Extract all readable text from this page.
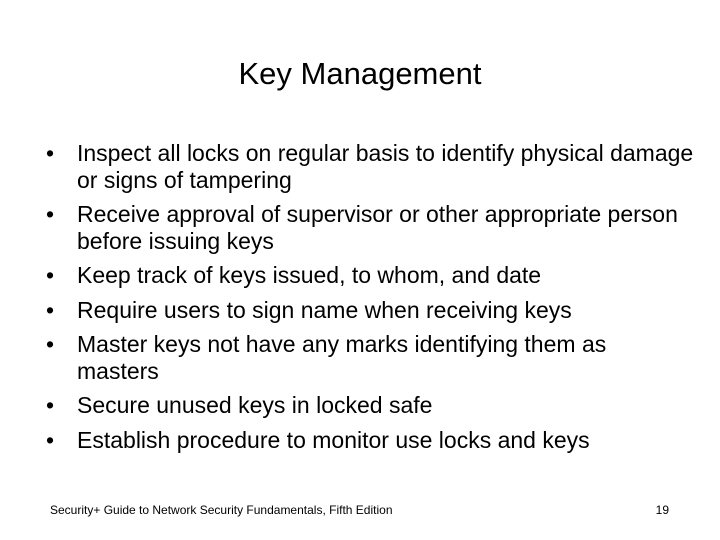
Key Management
• Inspect all locks on regular basis to identify physical damage or signs of tampering
• Receive approval of supervisor or other appropriate person before issuing keys
• Keep track of keys issued, to whom, and date
• Require users to sign name when receiving keys
• Master keys not have any marks identifying them as masters
• Secure unused keys in locked safe
• Establish procedure to monitor use locks and keys
Security+ Guide to Network Security Fundamentals, Fifth Edition	19
